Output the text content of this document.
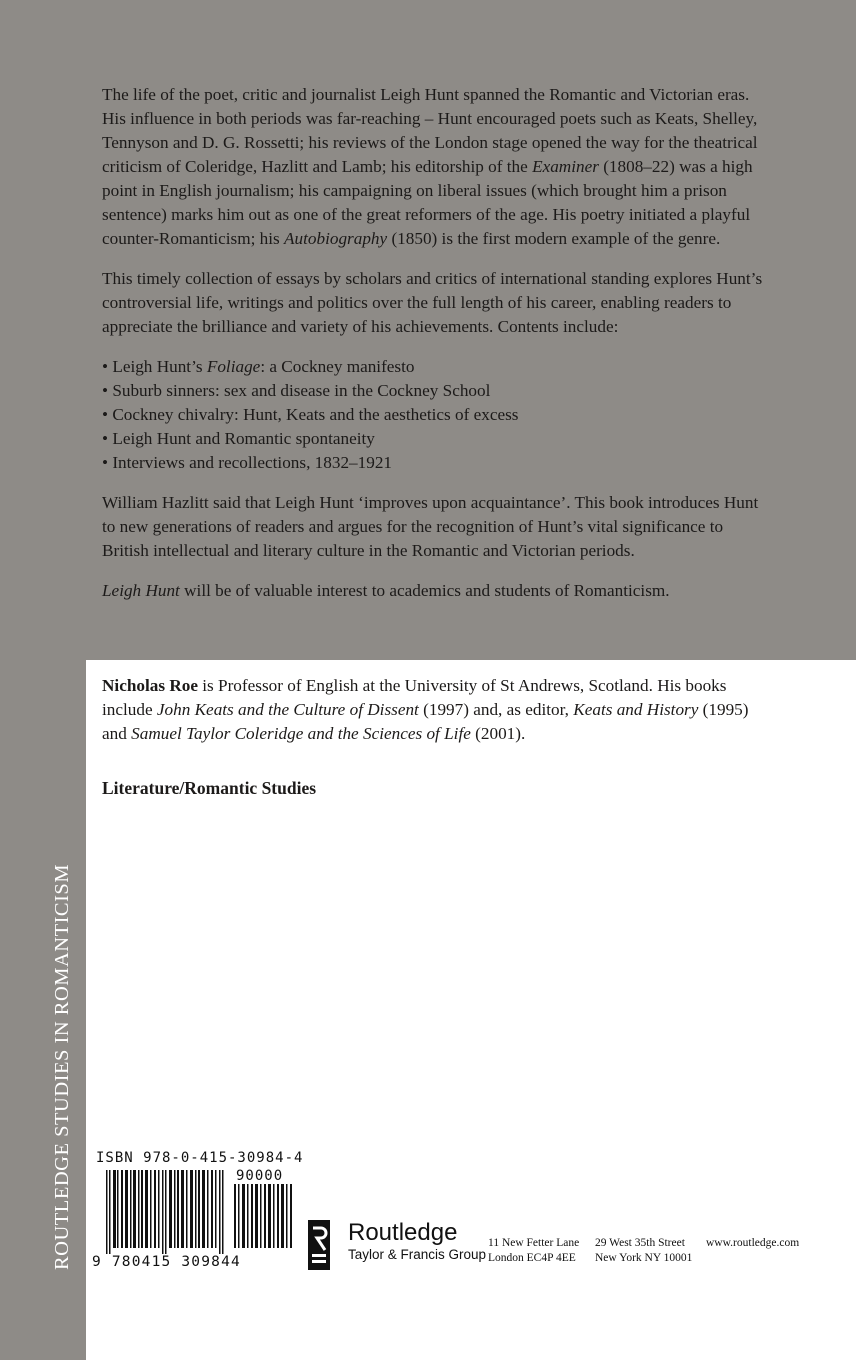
The life of the poet, critic and journalist Leigh Hunt spanned the Romantic and Victorian eras. His influence in both periods was far-reaching – Hunt encouraged poets such as Keats, Shelley, Tennyson and D. G. Rossetti; his reviews of the London stage opened the way for the theatrical criticism of Coleridge, Hazlitt and Lamb; his editorship of the Examiner (1808–22) was a high point in English journalism; his campaigning on liberal issues (which brought him a prison sentence) marks him out as one of the great reformers of the age. His poetry initiated a playful counter-Romanticism; his Autobiography (1850) is the first modern example of the genre.

This timely collection of essays by scholars and critics of international standing explores Hunt’s controversial life, writings and politics over the full length of his career, enabling readers to appreciate the brilliance and variety of his achievements. Contents include:

• Leigh Hunt’s Foliage: a Cockney manifesto
• Suburb sinners: sex and disease in the Cockney School
• Cockney chivalry: Hunt, Keats and the aesthetics of excess
• Leigh Hunt and Romantic spontaneity
• Interviews and recollections, 1832–1921

William Hazlitt said that Leigh Hunt ‘improves upon acquaintance’. This book introduces Hunt to new generations of readers and argues for the recognition of Hunt’s vital significance to British intellectual and literary culture in the Romantic and Victorian periods.

Leigh Hunt will be of valuable interest to academics and students of Romanticism.

ROUTLEDGE STUDIES IN ROMANTICISM
Nicholas Roe is Professor of English at the University of St Andrews, Scotland. His books include John Keats and the Culture of Dissent (1997) and, as editor, Keats and History (1995) and Samuel Taylor Coleridge and the Sciences of Life (2001).
Literature/Romantic Studies
ISBN 978-0-415-30984-4
90000
9 780415 309844
Routledge
Taylor & Francis Group
11 New Fetter Lane
London EC4P 4EE
29 West 35th Street
New York NY 10001
www.routledge.com
